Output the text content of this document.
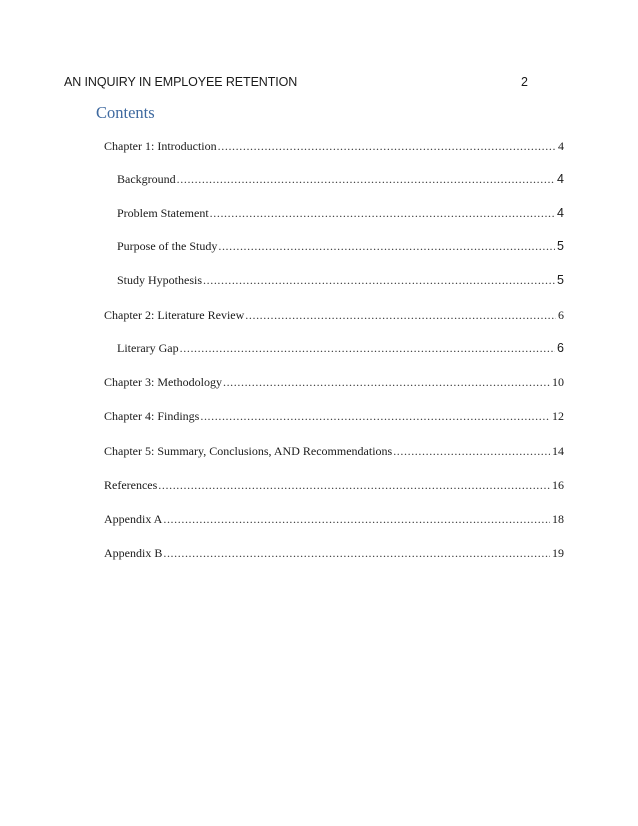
AN INQUIRY IN EMPLOYEE RETENTION	2
Contents
Chapter 1: Introduction .....	4
Background .....	4
Problem Statement .....	4
Purpose of the Study .....	5
Study Hypothesis .....	5
Chapter 2: Literature Review .....	6
Literary Gap .....	6
Chapter 3: Methodology .....	10
Chapter 4: Findings .....	12
Chapter 5: Summary, Conclusions, AND Recommendations .....	14
References .....	16
Appendix A .....	18
Appendix B .....	19
